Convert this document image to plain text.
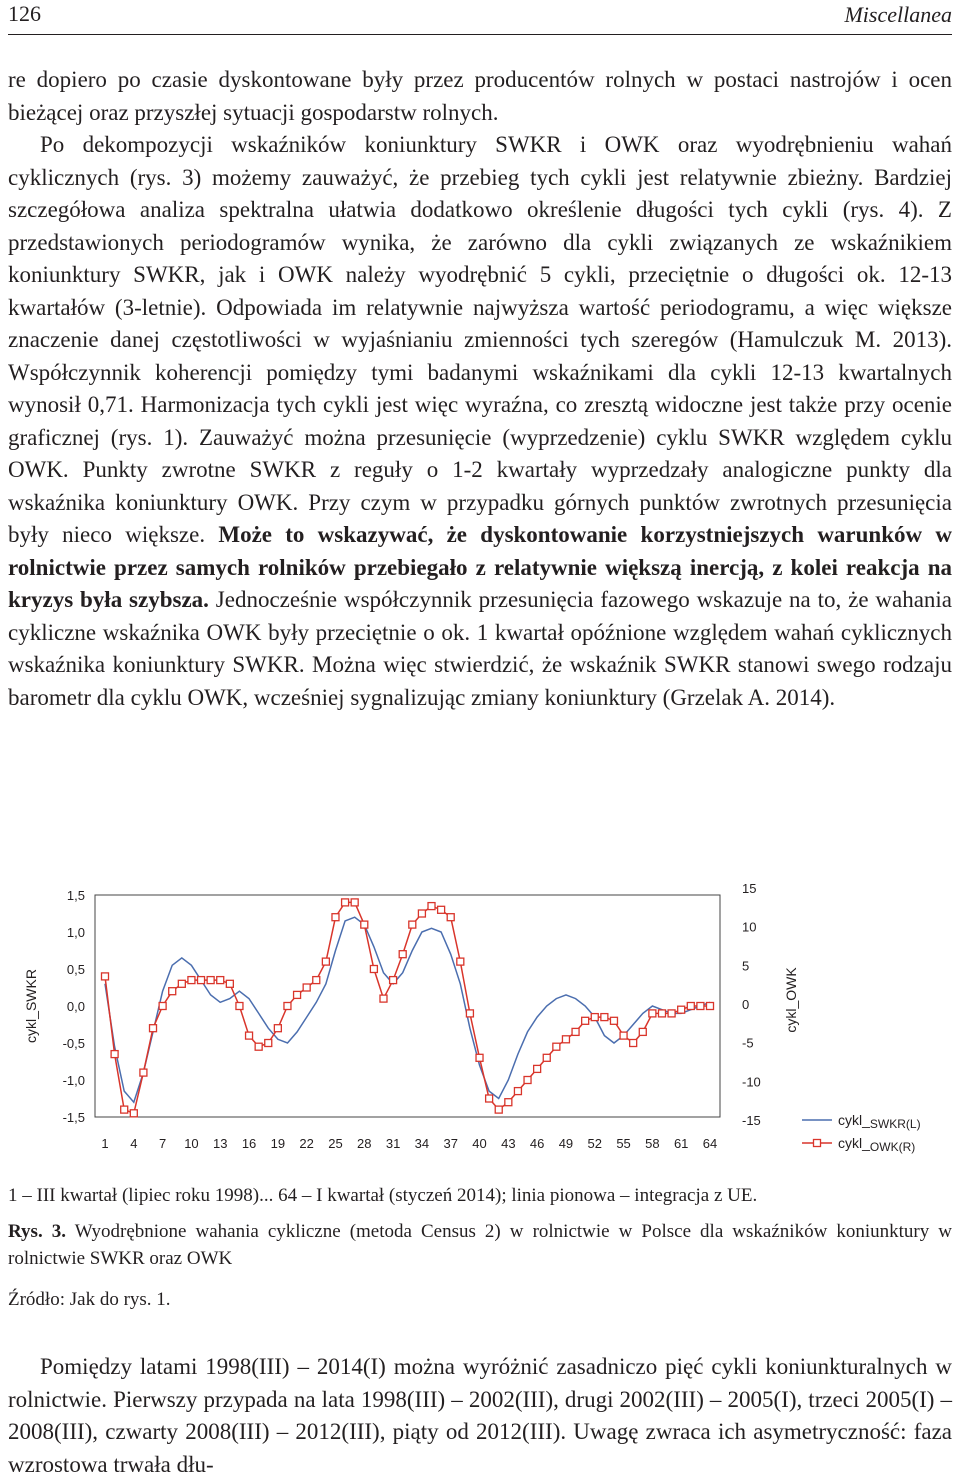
126	Miscellanea

re dopiero po czasie dyskontowane były przez producentów rolnych w postaci nastrojów i ocen bieżącej oraz przyszłej sytuacji gospodarstw rolnych.

Po dekompozycji wskaźników koniunktury SWKR i OWK oraz wyodrębnieniu wahań cyklicznych (rys. 3) możemy zauważyć, że przebieg tych cykli jest relatywnie zbieżny. Bardziej szczegółowa analiza spektralna ułatwia dodatkowo określenie długości tych cykli (rys. 4). Z przedstawionych periodogramów wynika, że zarówno dla cykli związanych ze wskaźnikiem koniunktury SWKR, jak i OWK należy wyodrębnić 5 cykli, przeciętnie o długości ok. 12-13 kwartałów (3-letnie). Odpowiada im relatywnie najwyższa wartość periodogramu, a więc większe znaczenie danej częstotliwości w wyjaśnianiu zmienności tych szeregów (Hamulczuk M. 2013). Współczynnik koherencji pomiędzy tymi badanymi wskaźnikami dla cykli 12-13 kwartalnych wynosił 0,71. Harmonizacja tych cykli jest więc wyraźna, co zresztą widoczne jest także przy ocenie graficznej (rys. 1). Zauważyć można przesunięcie (wyprzedzenie) cyklu SWKR względem cyklu OWK. Punkty zwrotne SWKR z reguły o 1-2 kwartały wyprzedzały analogiczne punkty dla wskaźnika koniunktury OWK. Przy czym w przypadku górnych punktów zwrotnych przesunięcia były nieco większe. Może to wskazywać, że dyskontowanie korzystniejszych warunków w rolnictwie przez samych rolników przebiegało z relatywnie większą inercją, z kolei reakcja na kryzys była szybsza. Jednocześnie współczynnik przesunięcia fazowego wskazuje na to, że wahania cykliczne wskaźnika OWK były przeciętnie o ok. 1 kwartał opóźnione względem wahań cyklicznych wskaźnika koniunktury SWKR. Można więc stwierdzić, że wskaźnik SWKR stanowi swego rodzaju barometr dla cyklu OWK, wcześniej sygnalizując zmiany koniunktury (Grzelak A. 2014).

1,5
1,0
0,5
0,0
-0,5
-1,0
-1,5
15
10
5
0
-5
-10
-15
1 4 7 10 13 16 19 22 25 28 31 34 37 40 43 46 49 52 55 58 61 64
cykl_SWKR	cykl_OWK
cykl_SWKR(L)
cykl_OWK(R)
1 – III kwartał (lipiec roku 1998)... 64 – I kwartał (styczeń 2014); linia pionowa – integracja z UE.
Rys. 3. Wyodrębnione wahania cykliczne (metoda Census 2) w rolnictwie w Polsce dla wskaźników koniunktury w rolnictwie SWKR oraz OWK
Źródło: Jak do rys. 1.

Pomiędzy latami 1998(III) – 2014(I) można wyróżnić zasadniczo pięć cykli koniunkturalnych w rolnictwie. Pierwszy przypada na lata 1998(III) – 2002(III), drugi 2002(III) – 2005(I), trzeci 2005(I) – 2008(III), czwarty 2008(III) – 2012(III), piąty od 2012(III). Uwagę zwraca ich asymetryczność: faza wzrostowa trwała dłu-
